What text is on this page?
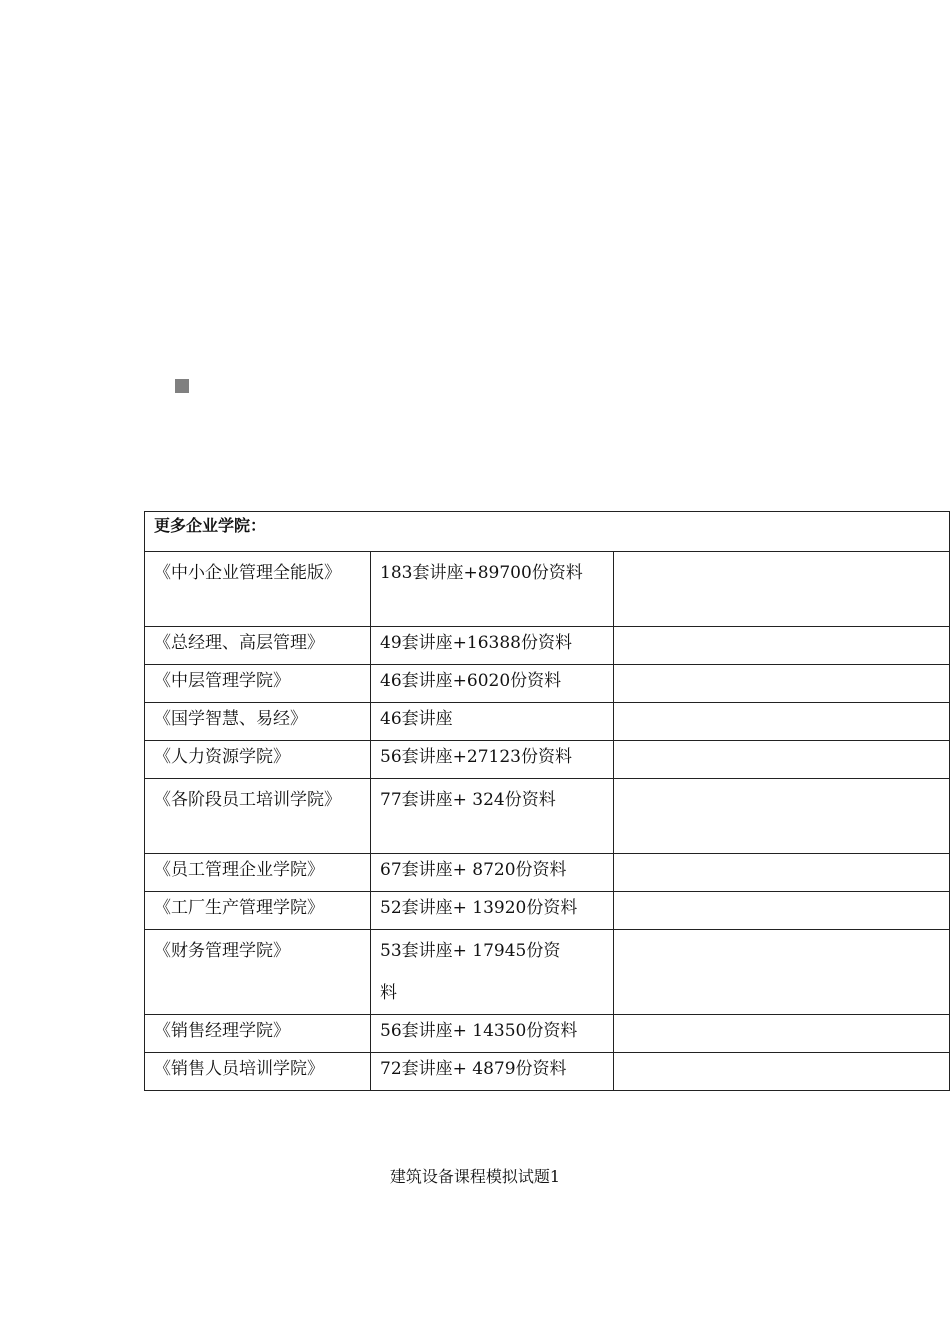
更多企业学院：		
《中小企业管理全能版》	183套讲座+89700份资料	
《总经理、高层管理》	49套讲座+16388份资料	
《中层管理学院》	46套讲座+6020份资料	
《国学智慧、易经》	46套讲座	
《人力资源学院》	56套讲座+27123份资料	
《各阶段员工培训学院》	77套讲座+ 324份资料	
《员工管理企业学院》	67套讲座+ 8720份资料	
《工厂生产管理学院》	52套讲座+ 13920份资料	
《财务管理学院》	53套讲座+ 17945份资料	
《销售经理学院》	56套讲座+ 14350份资料	
《销售人员培训学院》	72套讲座+ 4879份资料	
建筑设备课程模拟试题1
